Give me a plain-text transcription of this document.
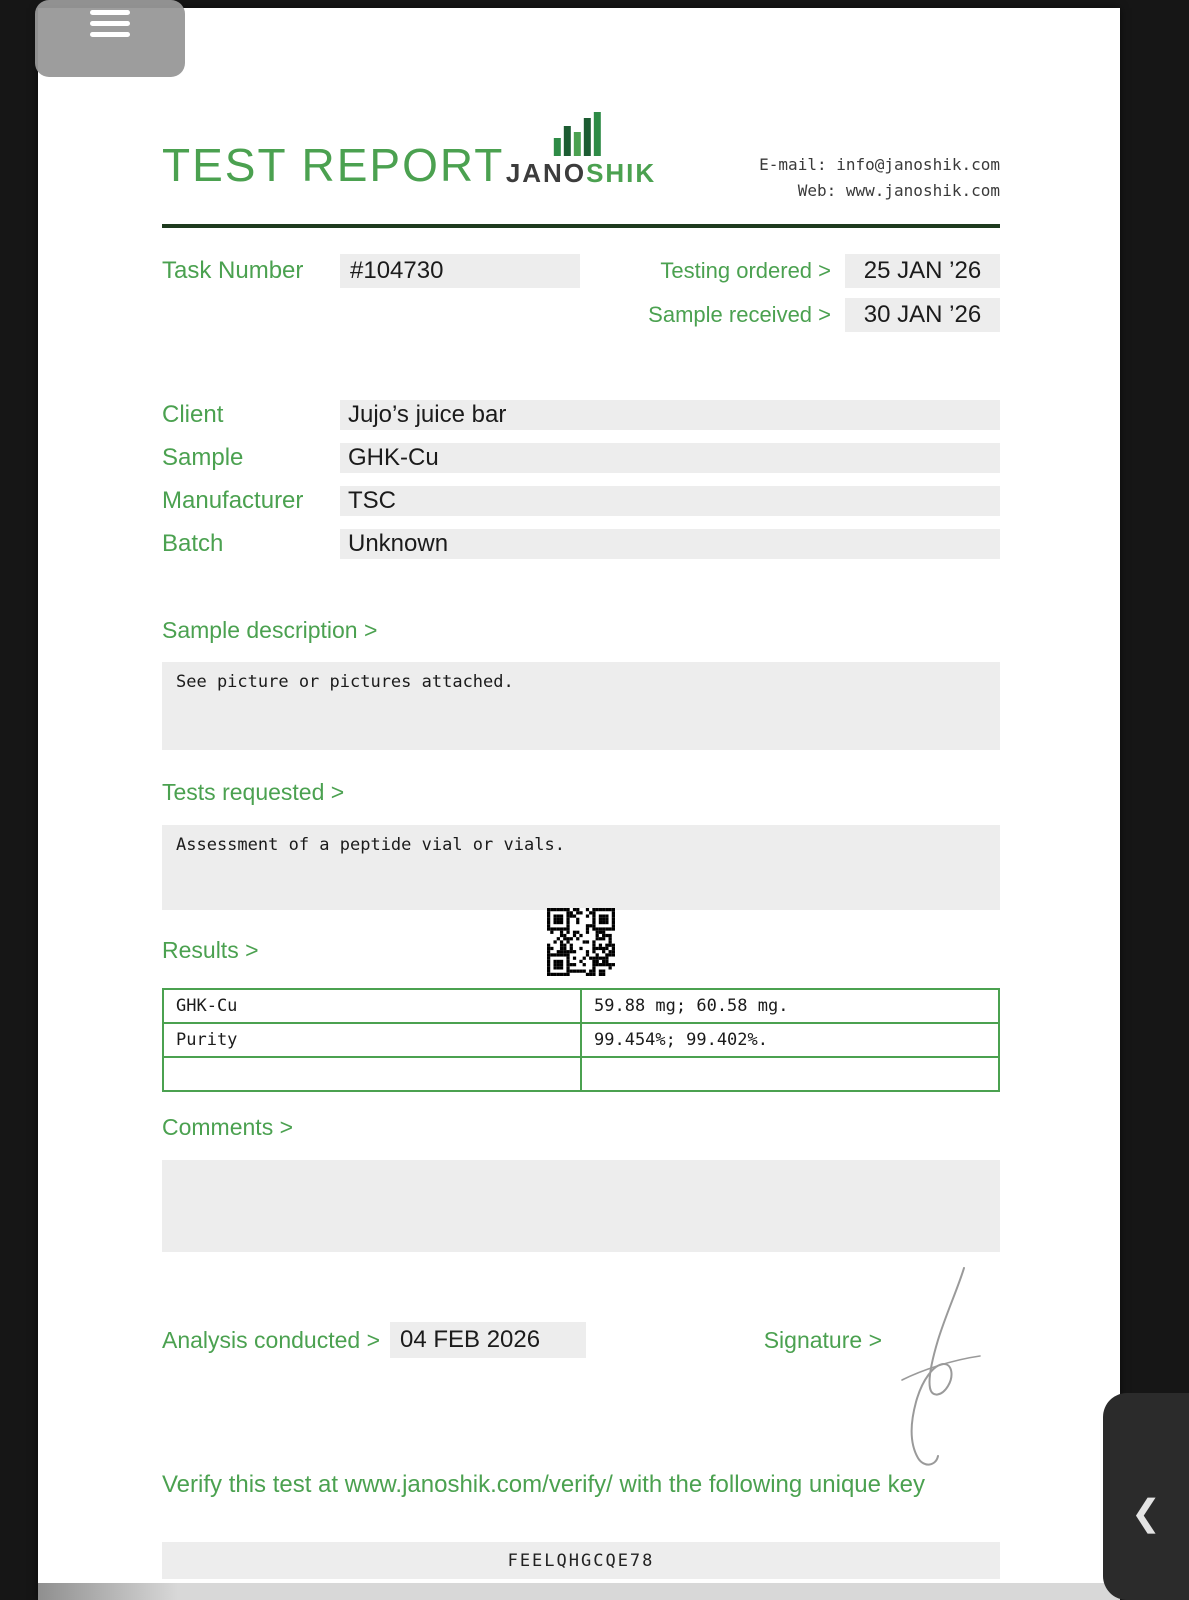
TEST REPORT JANOSHIK	E-mail: info@janoshik.com
Web: www.janoshik.com
Task Number	#104730	Testing ordered >	25 JAN ’26
Sample received >	30 JAN ’26
Client	Jujo’s juice bar
Sample	GHK-Cu
Manufacturer	TSC
Batch	Unknown
Sample description >
See picture or pictures attached.
Tests requested >
Assessment of a peptide vial or vials.
Results >
GHK-Cu	59.88 mg; 60.58 mg.
Purity	99.454%; 99.402%.

Comments >
Analysis conducted > 04 FEB 2026	Signature >
Verify this test at www.janoshik.com/verify/ with the following unique key
FEELQHGCQE78
❮
